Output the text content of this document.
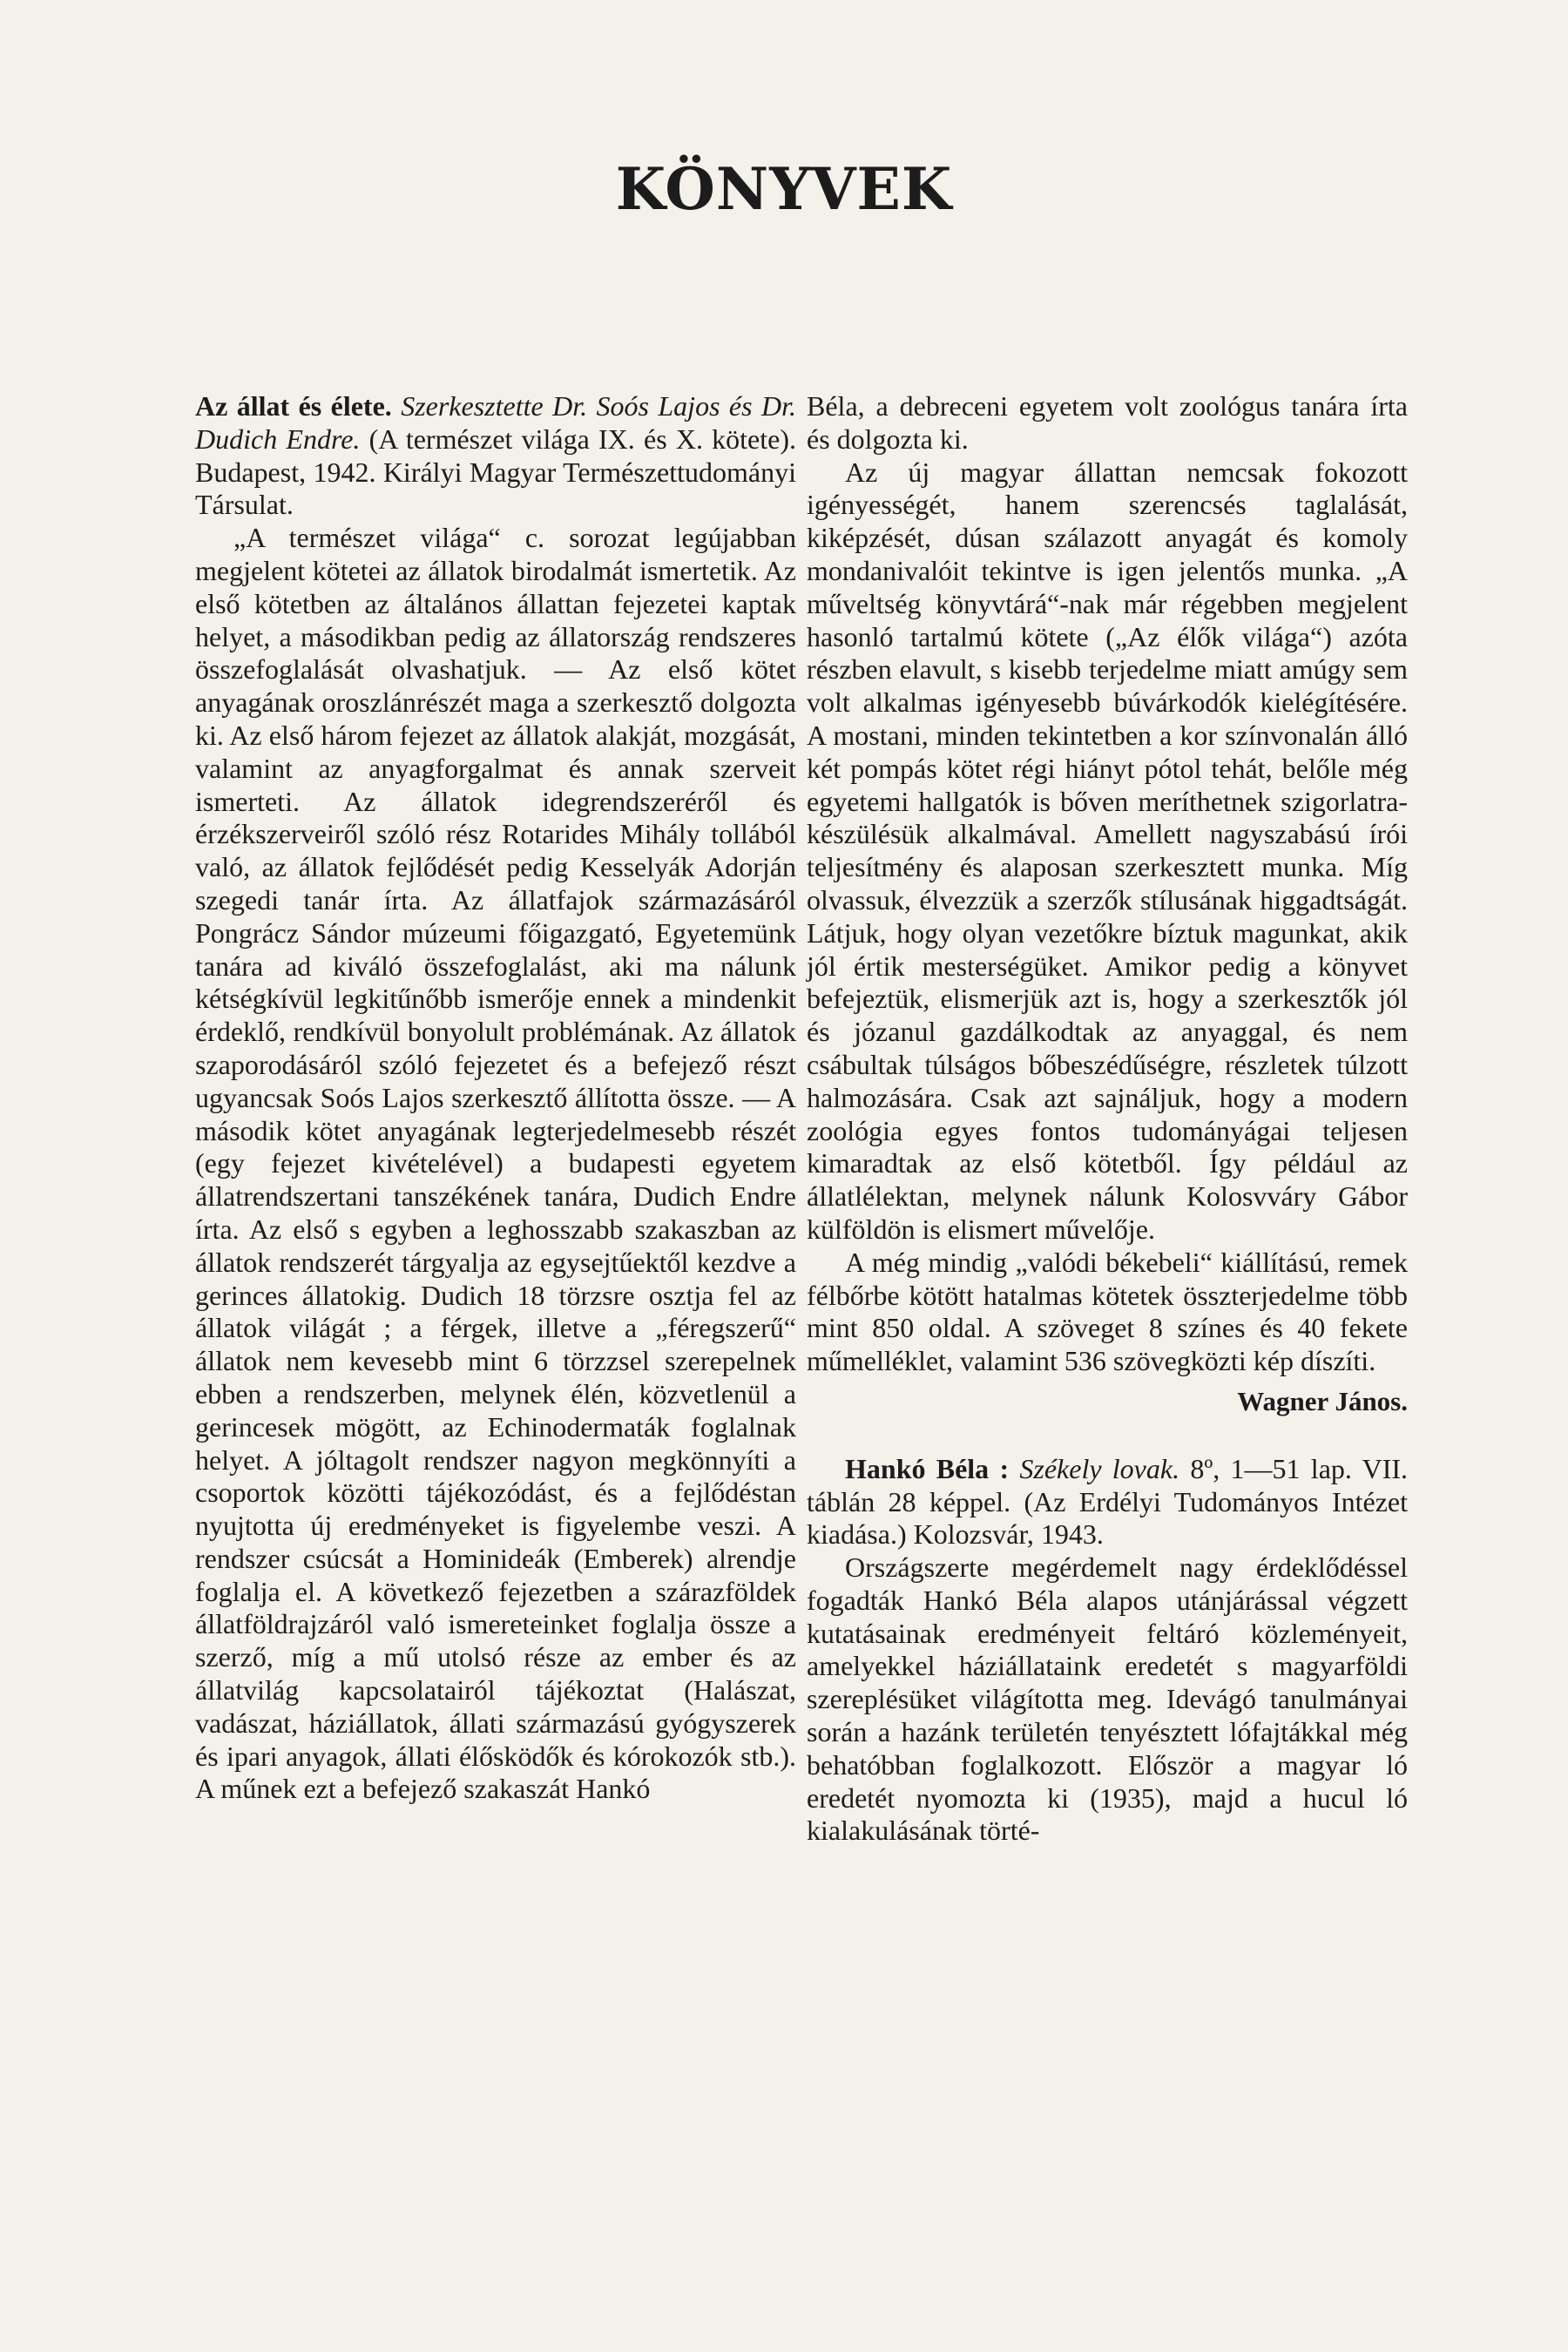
KÖNYVEK

Az állat és élete. Szerkesztette Dr. Soós Lajos és Dr. Dudich Endre. (A természet világa IX. és X. kötete). Budapest, 1942. Királyi Magyar Természettudományi Társulat.

„A természet világa“ c. sorozat legújabban megjelent kötetei az állatok birodalmát ismertetik. Az első kötetben az általános állattan fejezetei kaptak helyet, a másodikban pedig az állatország rendszeres összefoglalását olvashatjuk. — Az első kötet anyagának oroszlánrészét maga a szerkesztő dolgozta ki. Az első három fejezet az állatok alakját, mozgását, valamint az anyagforgalmat és annak szerveit ismerteti. Az állatok idegrendszeréről és érzékszerveiről szóló rész Rotarides Mihály tollából való, az állatok fejlődését pedig Kesselyák Adorján szegedi tanár írta. Az állatfajok származásáról Pongrácz Sándor múzeumi főigazgató, Egyetemünk tanára ad kiváló összefoglalást, aki ma nálunk kétségkívül legkitűnőbb ismerője ennek a mindenkit érdeklő, rendkívül bonyolult problémának. Az állatok szaporodásáról szóló fejezetet és a befejező részt ugyancsak Soós Lajos szerkesztő állította össze. — A második kötet anyagának legterjedelmesebb részét (egy fejezet kivételével) a budapesti egyetem állatrendszertani tanszékének tanára, Dudich Endre írta. Az első s egyben a leghosszabb szakaszban az állatok rendszerét tárgyalja az egysejtűektől kezdve a gerinces állatokig. Dudich 18 törzsre osztja fel az állatok világát ; a férgek, illetve a „féregszerű“ állatok nem kevesebb mint 6 törzzsel szerepelnek ebben a rendszerben, melynek élén, közvetlenül a gerincesek mögött, az Echinodermaták foglalnak helyet. A jóltagolt rendszer nagyon megkönnyíti a csoportok közötti tájékozódást, és a fejlődéstan nyujtotta új eredményeket is figyelembe veszi. A rendszer csúcsát a Hominideák (Emberek) alrendje foglalja el. A következő fejezetben a szárazföldek állatföldrajzáról való ismereteinket foglalja össze a szerző, míg a mű utolsó része az ember és az állatvilág kapcsolatairól tájékoztat (Halászat, vadászat, háziállatok, állati származású gyógyszerek és ipari anyagok, állati élősködők és kórokozók stb.). A műnek ezt a befejező szakaszát Hankó

Béla, a debreceni egyetem volt zoológus tanára írta és dolgozta ki.

Az új magyar állattan nemcsak fokozott igényességét, hanem szerencsés taglalását, kiképzését, dúsan szálazott anyagát és komoly mondanivalóit tekintve is igen jelentős munka. „A műveltség könyvtárá“-nak már régebben megjelent hasonló tartalmú kötete („Az élők világa“) azóta részben elavult, s kisebb terjedelme miatt amúgy sem volt alkalmas igényesebb búvárkodók kielégítésére. A mostani, minden tekintetben a kor színvonalán álló két pompás kötet régi hiányt pótol tehát, belőle még egyetemi hallgatók is bőven meríthetnek szigorlatra-készülésük alkalmával. Amellett nagyszabású írói teljesítmény és alaposan szerkesztett munka. Míg olvassuk, élvezzük a szerzők stílusának higgadtságát. Látjuk, hogy olyan vezetőkre bíztuk magunkat, akik jól értik mesterségüket. Amikor pedig a könyvet befejeztük, elismerjük azt is, hogy a szerkesztők jól és józanul gazdálkodtak az anyaggal, és nem csábultak túlságos bőbeszédűségre, részletek túlzott halmozására. Csak azt sajnáljuk, hogy a modern zoológia egyes fontos tudományágai teljesen kimaradtak az első kötetből. Így például az állatlélektan, melynek nálunk Kolosvváry Gábor külföldön is elismert művelője.

A még mindig „valódi békebeli“ kiállítású, remek félbőrbe kötött hatalmas kötetek összterjedelme több mint 850 oldal. A szöveget 8 színes és 40 fekete műmelléklet, valamint 536 szövegközti kép díszíti.

Wagner János.

Hankó Béla : Székely lovak. 8º, 1—51 lap. VII. táblán 28 képpel. (Az Erdélyi Tudományos Intézet kiadása.) Kolozsvár, 1943.

Országszerte megérdemelt nagy érdeklődéssel fogadták Hankó Béla alapos utánjárással végzett kutatásainak eredményeit feltáró közleményeit, amelyekkel háziállataink eredetét s magyarföldi szereplésüket világította meg. Idevágó tanulmányai során a hazánk területén tenyésztett lófajtákkal még behatóbban foglalkozott. Először a magyar ló eredetét nyomozta ki (1935), majd a hucul ló kialakulásának törté-
